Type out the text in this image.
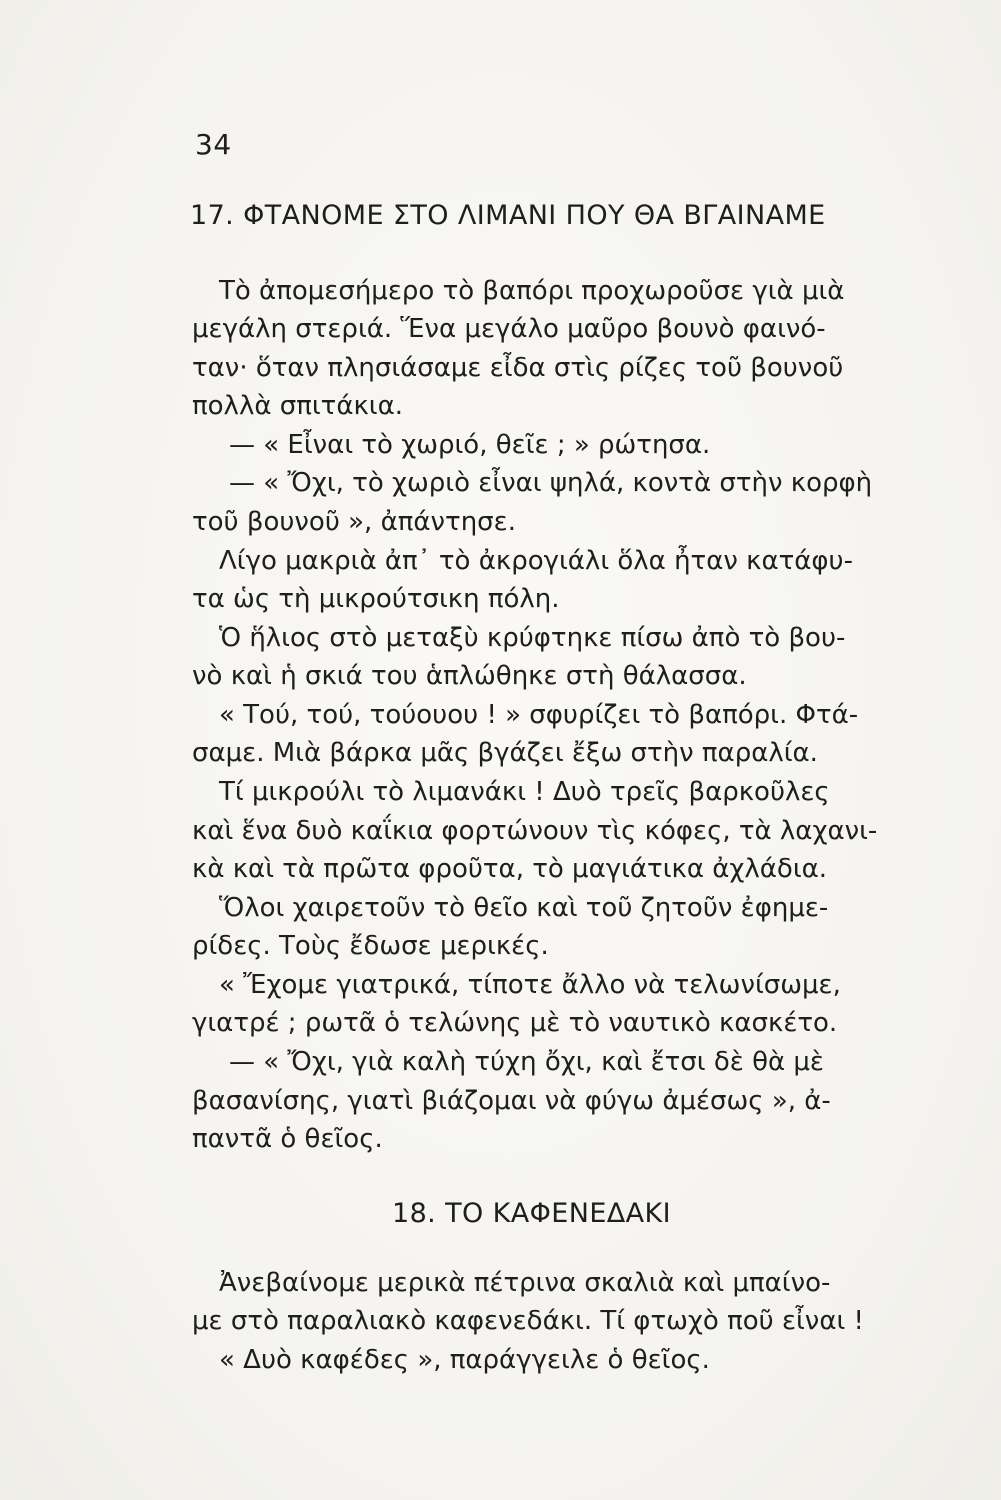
34
17. ΦΤΑΝΟΜΕ ΣΤΟ ΛΙΜΑΝΙ ΠΟΥ ΘΑ ΒΓΑΙΝΑΜΕ
Τὸ ἀπομεσήμερο τὸ βαπόρι προχωροῦσε γιὰ μιὰ
μεγάλη στεριά. Ἕνα μεγάλο μαῦρο βουνὸ φαινό-
ταν· ὅταν πλησιάσαμε εἶδα στὶς ρίζες τοῦ βουνοῦ
πολλὰ σπιτάκια.
— « Εἶναι τὸ χωριό, θεῖε ; » ρώτησα.
— « Ὄχι, τὸ χωριὸ εἶναι ψηλά, κοντὰ στὴν κορφὴ
τοῦ βουνοῦ », ἀπάντησε.
Λίγο μακριὰ ἀπ᾽ τὸ ἀκρογιάλι ὅλα ἦταν κατάφυ-
τα ὡς τὴ μικρούτσικη πόλη.
Ὁ ἥλιος στὸ μεταξὺ κρύφτηκε πίσω ἀπὸ τὸ βου-
νὸ καὶ ἡ σκιά του ἁπλώθηκε στὴ θάλασσα.
« Τού, τού, τούουου ! » σφυρίζει τὸ βαπόρι. Φτά-
σαμε. Μιὰ βάρκα μᾶς βγάζει ἔξω στὴν παραλία.
Τί μικρούλι τὸ λιμανάκι ! Δυὸ τρεῖς βαρκοῦλες
καὶ ἕνα δυὸ καΐκια φορτώνουν τὶς κόφες, τὰ λαχανι-
κὰ καὶ τὰ πρῶτα φροῦτα, τὸ μαγιάτικα ἀχλάδια.
Ὅλοι χαιρετοῦν τὸ θεῖο καὶ τοῦ ζητοῦν ἐφημε-
ρίδες. Τοὺς ἔδωσε μερικές.
« Ἔχομε γιατρικά, τίποτε ἄλλο νὰ τελωνίσωμε,
γιατρέ ; ρωτᾶ ὁ τελώνης μὲ τὸ ναυτικὸ κασκέτο.
— « Ὄχι, γιὰ καλὴ τύχη ὄχι, καὶ ἔτσι δὲ θὰ μὲ
βασανίσης, γιατὶ βιάζομαι νὰ φύγω ἀμέσως », ἀ-
παντᾶ ὁ θεῖος.
18. ΤΟ ΚΑΦΕΝΕΔΑΚΙ
Ἀνεβαίνομε μερικὰ πέτρινα σκαλιὰ καὶ μπαίνο-
με στὸ παραλιακὸ καφενεδάκι. Τί φτωχὸ ποῦ εἶναι !
« Δυὸ καφέδες », παράγγειλε ὁ θεῖος.
